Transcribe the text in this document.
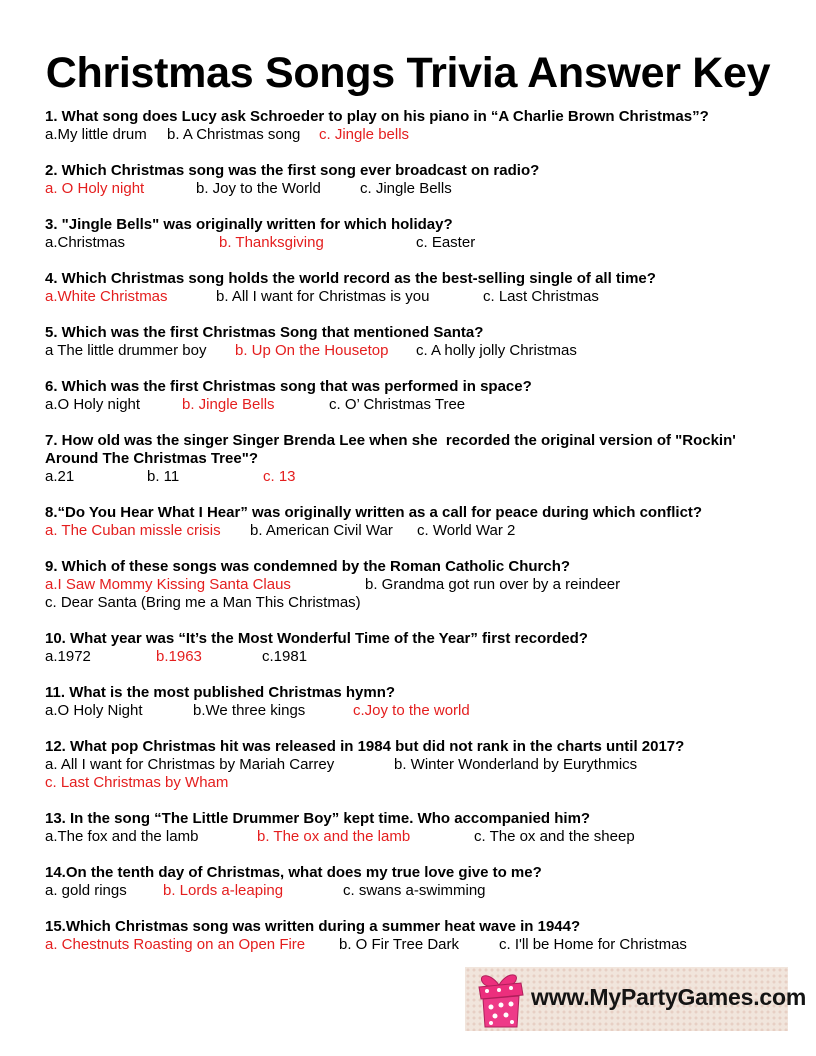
Christmas Songs Trivia Answer Key
1. What song does Lucy ask Schroeder to play on his piano in “A Charlie Brown Christmas”?
a.My little drum b. A Christmas song c. Jingle bells
2. Which Christmas song was the first song ever broadcast on radio?
a. O Holy night	b. Joy to the World	c. Jingle Bells
3. "Jingle Bells" was originally written for which holiday?
a.Christmas	b. Thanksgiving	c. Easter
4. Which Christmas song holds the world record as the best-selling single of all time?
a.White Christmas	b. All I want for Christmas is you	c. Last Christmas
5. Which was the first Christmas Song that mentioned Santa?
a The little drummer boy b. Up On the Housetop c. A holly jolly Christmas
6. Which was the first Christmas song that was performed in space?
a.O Holy night	b. Jingle Bells	c. O’ Christmas Tree
7. How old was the singer Singer Brenda Lee when she  recorded the original version of "Rockin' Around The Christmas Tree"?
a.21	b. 11	c. 13
8.“Do You Hear What I Hear” was originally written as a call for peace during which conflict?
a. The Cuban missle crisis b. American Civil War c. World War 2
9. Which of these songs was condemned by the Roman Catholic Church?
a.I Saw Mommy Kissing Santa Claus	b. Grandma got run over by a reindeer
c. Dear Santa (Bring me a Man This Christmas)
10. What year was “It’s the Most Wonderful Time of the Year” first recorded?
a.1972	b.1963	c.1981
11. What is the most published Christmas hymn?
a.O Holy Night	b.We three kings	c.Joy to the world
12. What pop Christmas hit was released in 1984 but did not rank in the charts until 2017?
a. All I want for Christmas by Mariah Carrey	b. Winter Wonderland by Eurythmics
c. Last Christmas by Wham
13. In the song “The Little Drummer Boy” kept time. Who accompanied him?
a.The fox and the lamb	b. The ox and the lamb	c. The ox and the sheep
14.On the tenth day of Christmas, what does my true love give to me?
a. gold rings b. Lords a-leaping	c. swans a-swimming
15.Which Christmas song was written during a summer heat wave in 1944?
a. Chestnuts Roasting on an Open Fire b. O Fir Tree Dark	c. I'll be Home for Christmas
www.MyPartyGames.com
